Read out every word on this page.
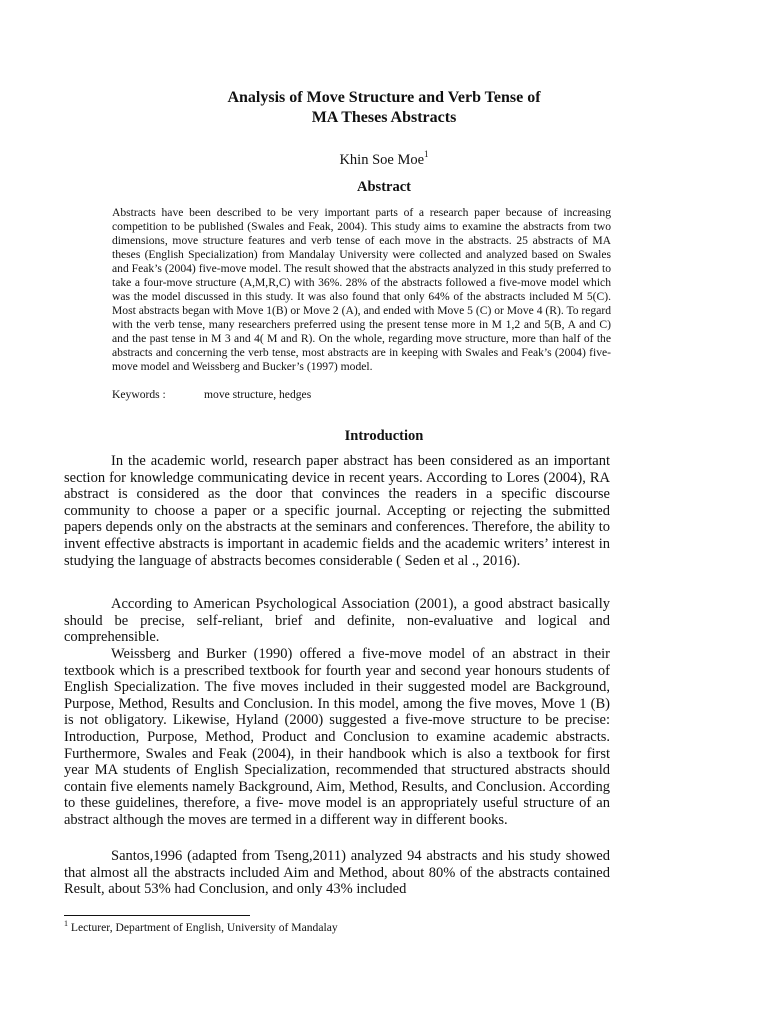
Analysis of Move Structure and Verb Tense of
MA Theses Abstracts
Khin Soe Moe$^1$
Abstract

Abstracts have been described to be very important parts of a research paper because of increasing competition to be published (Swales and Feak, 2004). This study aims to examine the abstracts from two dimensions, move structure features and verb tense of each move in the abstracts. 25 abstracts of MA theses (English Specialization) from Mandalay University were collected and analyzed based on Swales and Feak’s (2004) five-move model. The result showed that the abstracts analyzed in this study preferred to take a four-move structure (A,M,R,C) with 36%. 28% of the abstracts followed a five-move model which was the model discussed in this study. It was also found that only 64% of the abstracts included M 5(C). Most abstracts began with Move 1(B) or Move 2 (A), and ended with Move 5 (C) or Move 4 (R). To regard with the verb tense, many researchers preferred using the present tense more in M 1,2 and 5(B, A and C) and the past tense in M 3 and 4( M and R). On the whole, regarding move structure, more than half of the abstracts and concerning the verb tense, most abstracts are in keeping with Swales and Feak’s (2004) five-move model and Weissberg and Bucker’s (1997) model.

Keywords :	move structure, hedges
Introduction

In the academic world, research paper abstract has been considered as an important section for knowledge communicating device in recent years. According to Lores (2004), RA abstract is considered as the door that convinces the readers in a specific discourse community to choose a paper or a specific journal. Accepting or rejecting the submitted papers depends only on the abstracts at the seminars and conferences. Therefore, the ability to invent effective abstracts is important in academic fields and the academic writers’ interest in studying the language of abstracts becomes considerable ( Seden et al ., 2016).

According to American Psychological Association (2001), a good abstract basically should be precise, self-reliant, brief and definite, non-evaluative and logical and comprehensible.

Weissberg and Burker (1990) offered a five-move model of an abstract in their textbook which is a prescribed textbook for fourth year and second year honours students of English Specialization. The five moves included in their suggested model are Background, Purpose, Method, Results and Conclusion. In this model, among the five moves, Move 1 (B) is not obligatory. Likewise, Hyland (2000) suggested a five-move structure to be precise: Introduction, Purpose, Method, Product and Conclusion to examine academic abstracts. Furthermore, Swales and Feak (2004), in their handbook which is also a textbook for first year MA students of English Specialization, recommended that structured abstracts should contain five elements namely Background, Aim, Method, Results, and Conclusion. According to these guidelines, therefore, a five- move model is an appropriately useful structure of an abstract although the moves are termed in a different way in different books.

Santos,1996 (adapted from Tseng,2011) analyzed 94 abstracts and his study showed that almost all the abstracts included Aim and Method, about 80% of the abstracts contained Result, about 53% had Conclusion, and only 43% included

$^1$ Lecturer, Department of English, University of Mandalay
